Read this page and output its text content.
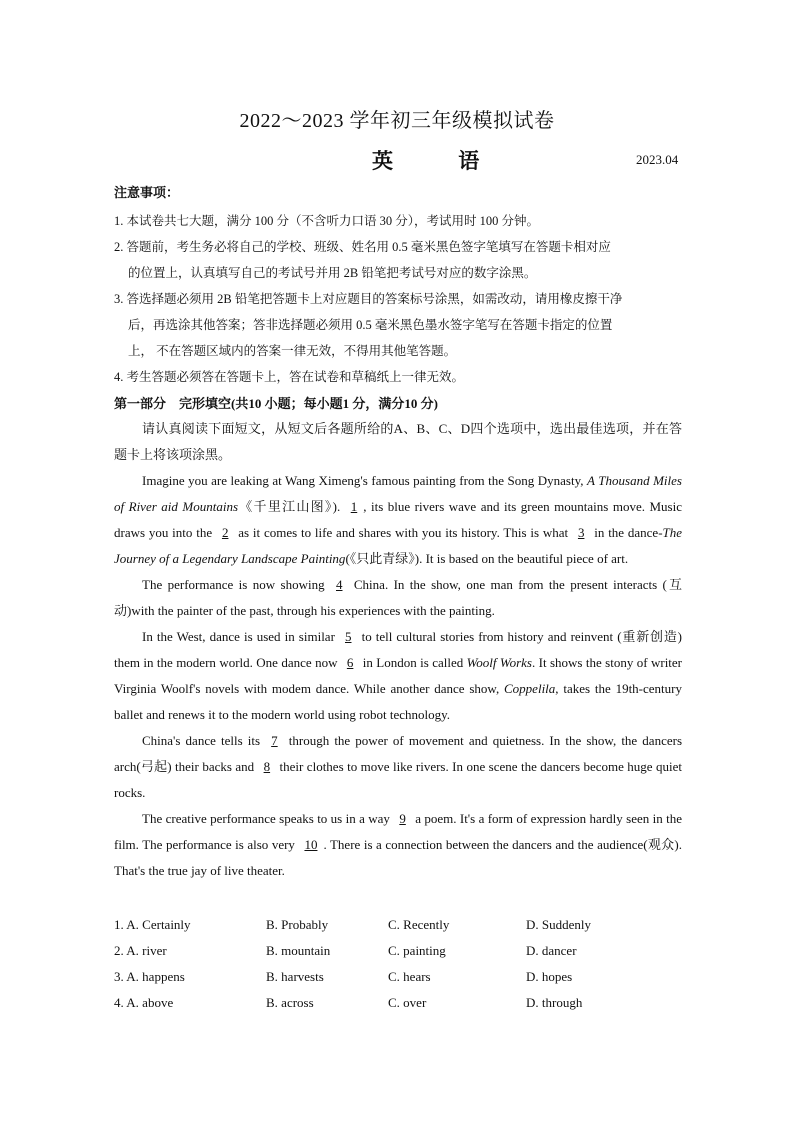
2022～2023 学年初三年级模拟试卷
英 语	2023.04
注意事项：
1. 本试卷共七大题，满分 100 分（不含听力口语 30 分），考试用时 100 分钟。
2. 答题前，考生务必将自己的学校、班级、姓名用 0.5 毫米黑色签字笔填写在答题卡相对应
的位置上，认真填写自己的考试号并用 2B 铅笔把考试号对应的数字涂黑。
3. 答选择题必须用 2B 铅笔把答题卡上对应题目的答案标号涂黑，如需改动，请用橡皮擦干净
后，再选涂其他答案；答非选择题必须用 0.5 毫米黑色墨水签字笔写在答题卡指定的位置
上， 不在答题区域内的答案一律无效，不得用其他笔答题。
4. 考生答题必须答在答题卡上，答在试卷和草稿纸上一律无效。
第一部分　完形填空(共10 小题；每小题1 分，满分10 分)

请认真阅读下面短文，从短文后各题所给的A、B、C、D四个选项中，选出最佳选项，并在答题卡上将该项涂黑。

Imagine you are leaking at Wang Ximeng's famous painting from the Song Dynasty, A Thousand Miles of River aid Mountains《千里江山图》). 1 , its blue rivers wave and its green mountains move. Music draws you into the 2 as it comes to life and shares with you its history. This is what 3 in the dance-The Journey of a Legendary Landscape Painting(《只此青绿》). It is based on the beautiful piece of art.

The performance is now showing 4 China. In the show, one man from the present interacts (互动)with the painter of the past, through his experiences with the painting.

In the West, dance is used in similar 5 to tell cultural stories from history and reinvent (重新创造) them in the modern world. One dance now 6 in London is called Woolf Works. It shows the stony of writer Virginia Woolf's novels with modem dance. While another dance show, Coppelila, takes the 19th-century ballet and renews it to the modern world using robot technology.

China's dance tells its 7 through the power of movement and quietness. In the show, the dancers arch(弓起) their backs and 8 their clothes to move like rivers. In one scene the dancers become huge quiet rocks.

The creative performance speaks to us in a way 9 a poem. It's a form of expression hardly seen in the film. The performance is also very 10 . There is a connection between the dancers and the audience(观众). That's the true jay of live theater.

1. A. Certainly	B. Probably	C. Recently	D. Suddenly
2. A. river	B. mountain	C. painting	D. dancer
3. A. happens	B. harvests	C. hears	D. hopes
4. A. above	B. across	C. over	D. through
